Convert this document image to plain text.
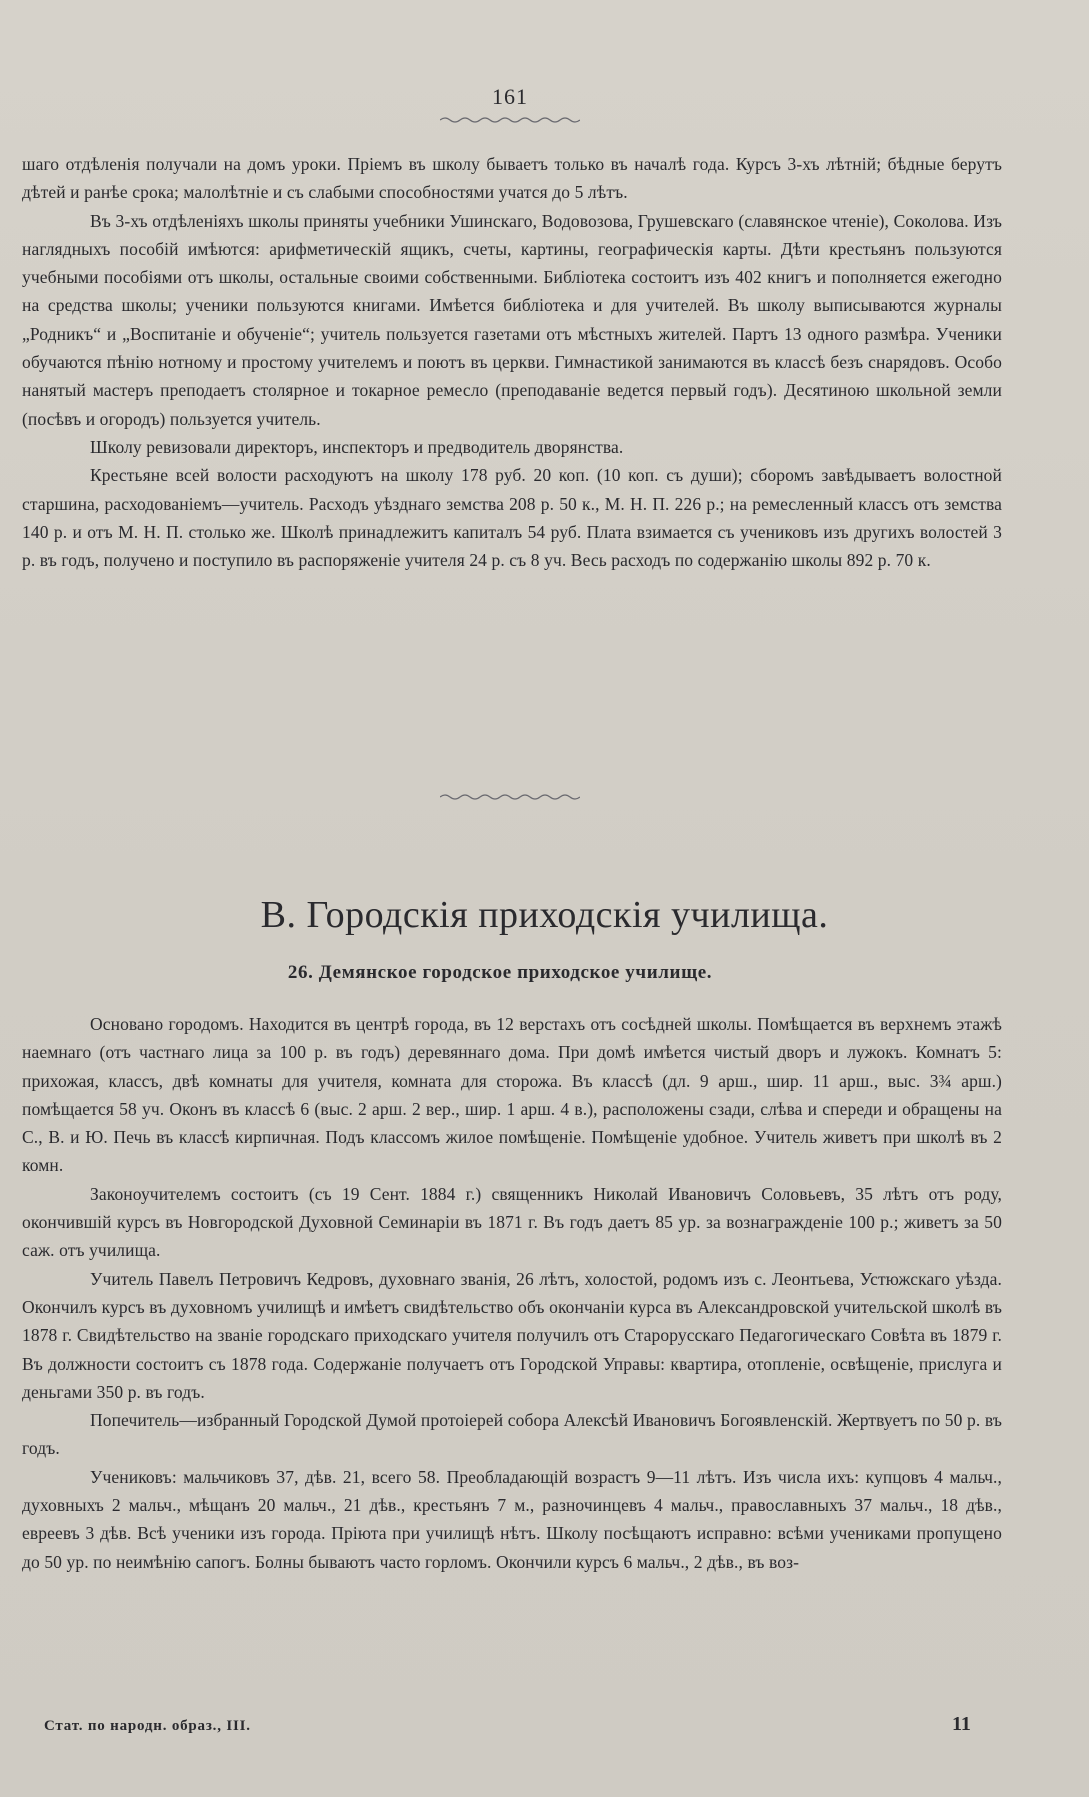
161

шаго отдѣленія получали на домъ уроки. Пріемъ въ школу бываетъ только въ началѣ года. Курсъ 3-хъ лѣтній; бѣдные берутъ дѣтей и ранѣе срока; малолѣтніе и съ слабыми способностями учатся до 5 лѣтъ.

Въ 3-хъ отдѣленіяхъ школы приняты учебники Ушинскаго, Водовозова, Грушевскаго (славянское чтеніе), Соколова. Изъ наглядныхъ пособій имѣются: арифметическій ящикъ, счеты, картины, географическія карты. Дѣти крестьянъ пользуются учебными пособіями отъ школы, остальные своими собственными. Библіотека состоитъ изъ 402 книгъ и пополняется ежегодно на средства школы; ученики пользуются книгами. Имѣется библіотека и для учителей. Въ школу выписываются журналы „Родникъ“ и „Воспитаніе и обученіе“; учитель пользуется газетами отъ мѣстныхъ жителей. Партъ 13 одного размѣра. Ученики обучаются пѣнію нотному и простому учителемъ и поютъ въ церкви. Гимнастикой занимаются въ классѣ безъ снарядовъ. Особо нанятый мастеръ преподаетъ столярное и токарное ремесло (преподаваніе ведется первый годъ). Десятиною школьной земли (посѣвъ и огородъ) пользуется учитель.

Школу ревизовали директоръ, инспекторъ и предводитель дворянства.

Крестьяне всей волости расходуютъ на школу 178 руб. 20 коп. (10 коп. съ души); сборомъ завѣдываетъ волостной старшина, расходованіемъ—учитель. Расходъ уѣзднаго земства 208 р. 50 к., М. Н. П. 226 р.; на ремесленный классъ отъ земства 140 р. и отъ М. Н. П. столько же. Школѣ принадлежитъ капиталъ 54 руб. Плата взимается съ учениковъ изъ другихъ волостей 3 р. въ годъ, получено и поступило въ распоряженіе учителя 24 р. съ 8 уч. Весь расходъ по содержанію школы 892 р. 70 к.

В. Городскія приходскія училища.
26. Демянское городское приходское училище.

Основано городомъ. Находится въ центрѣ города, въ 12 верстахъ отъ сосѣдней школы. Помѣщается въ верхнемъ этажѣ наемнаго (отъ частнаго лица за 100 р. въ годъ) деревяннаго дома. При домѣ имѣется чистый дворъ и лужокъ. Комнатъ 5: прихожая, классъ, двѣ комнаты для учителя, комната для сторожа. Въ классѣ (дл. 9 арш., шир. 11 арш., выс. 3¾ арш.) помѣщается 58 уч. Оконъ въ классѣ 6 (выс. 2 арш. 2 вер., шир. 1 арш. 4 в.), расположены сзади, слѣва и спереди и обращены на С., В. и Ю. Печь въ классѣ кирпичная. Подъ классомъ жилое помѣщеніе. Помѣщеніе удобное. Учитель живетъ при школѣ въ 2 комн.

Законоучителемъ состоитъ (съ 19 Сент. 1884 г.) священникъ Николай Ивановичъ Соловьевъ, 35 лѣтъ отъ роду, окончившій курсъ въ Новгородской Духовной Семинаріи въ 1871 г. Въ годъ даетъ 85 ур. за вознагражденіе 100 р.; живетъ за 50 саж. отъ училища.

Учитель Павелъ Петровичъ Кедровъ, духовнаго званія, 26 лѣтъ, холостой, родомъ изъ с. Леонтьева, Устюжскаго уѣзда. Окончилъ курсъ въ духовномъ училищѣ и имѣетъ свидѣтельство объ окончаніи курса въ Александровской учительской школѣ въ 1878 г. Свидѣтельство на званіе городскаго приходскаго учителя получилъ отъ Старорусскаго Педагогическаго Совѣта въ 1879 г. Въ должности состоитъ съ 1878 года. Содержаніе получаетъ отъ Городской Управы: квартира, отопленіе, освѣщеніе, прислуга и деньгами 350 р. въ годъ.

Попечитель—избранный Городской Думой протоіерей собора Алексѣй Ивановичъ Богоявленскій. Жертвуетъ по 50 р. въ годъ.

Учениковъ: мальчиковъ 37, дѣв. 21, всего 58. Преобладающій возрастъ 9—11 лѣтъ. Изъ числа ихъ: купцовъ 4 мальч., духовныхъ 2 мальч., мѣщанъ 20 мальч., 21 дѣв., крестьянъ 7 м., разночинцевъ 4 мальч., православныхъ 37 мальч., 18 дѣв., евреевъ 3 дѣв. Всѣ ученики изъ города. Пріюта при училищѣ нѣтъ. Школу посѣщаютъ исправно: всѣми учениками пропущено до 50 ур. по неимѣнію сапогъ. Болны бываютъ часто горломъ. Окончили курсъ 6 мальч., 2 дѣв., въ воз-

Стат. по народн. образ., III.	11
